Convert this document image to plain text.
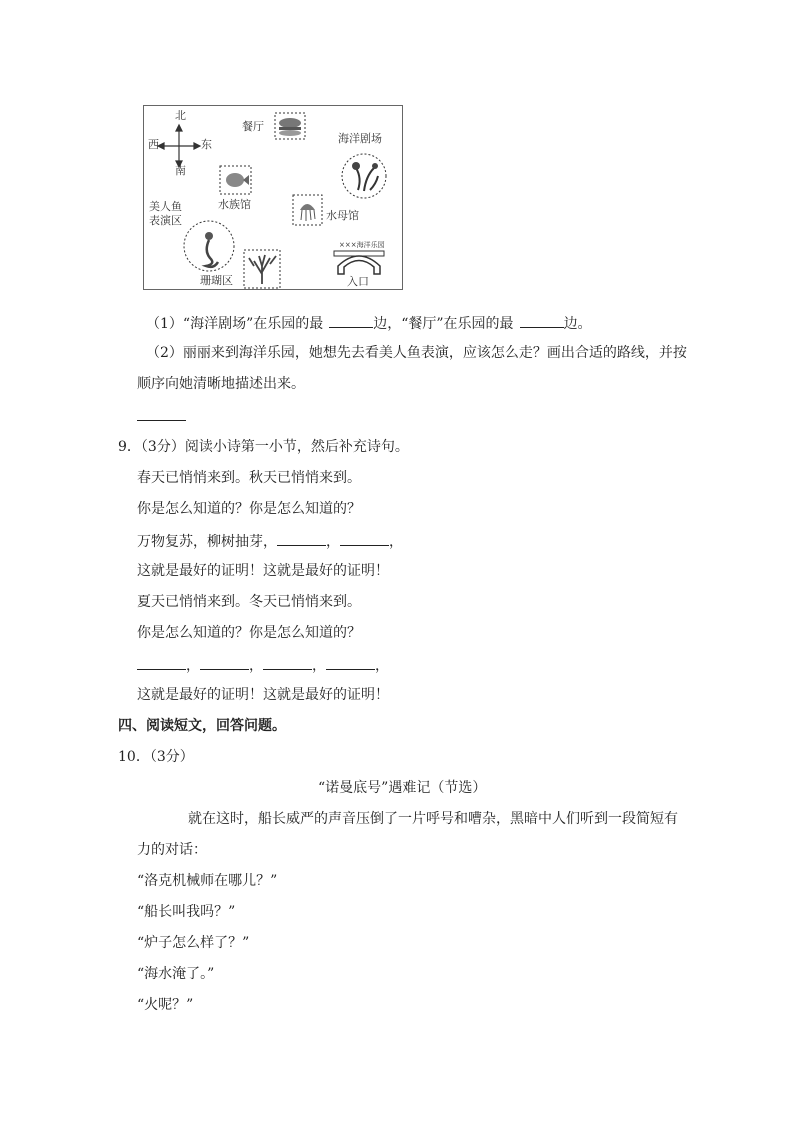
北
南
西	东
餐厅
海洋剧场
水族馆
水母馆
美人鱼
表演区
珊瑚区
×××海洋乐园
入口
（1）“海洋剧场”在乐园的最	边，“餐厅”在乐园的最	边。
（2）丽丽来到海洋乐园，她想先去看美人鱼表演，应该怎么走？画出合适的路线，并按
顺序向她清晰地描述出来。
9．（3分）阅读小诗第一小节，然后补充诗句。
春天已悄悄来到。秋天已悄悄来到。
你是怎么知道的？你是怎么知道的？
万物复苏，柳树抽芽，	，	，
这就是最好的证明！这就是最好的证明！
夏天已悄悄来到。冬天已悄悄来到。
你是怎么知道的？你是怎么知道的？
，	，	，	，
这就是最好的证明！这就是最好的证明！
四、阅读短文，回答问题。
10．（3分）
“诺曼底号”遇难记（节选）
就在这时，船长威严的声音压倒了一片呼号和嘈杂，黑暗中人们听到一段简短有
力的对话：
“洛克机械师在哪儿？”
“船长叫我吗？”
“炉子怎么样了？”
“海水淹了。”
“火呢？”
